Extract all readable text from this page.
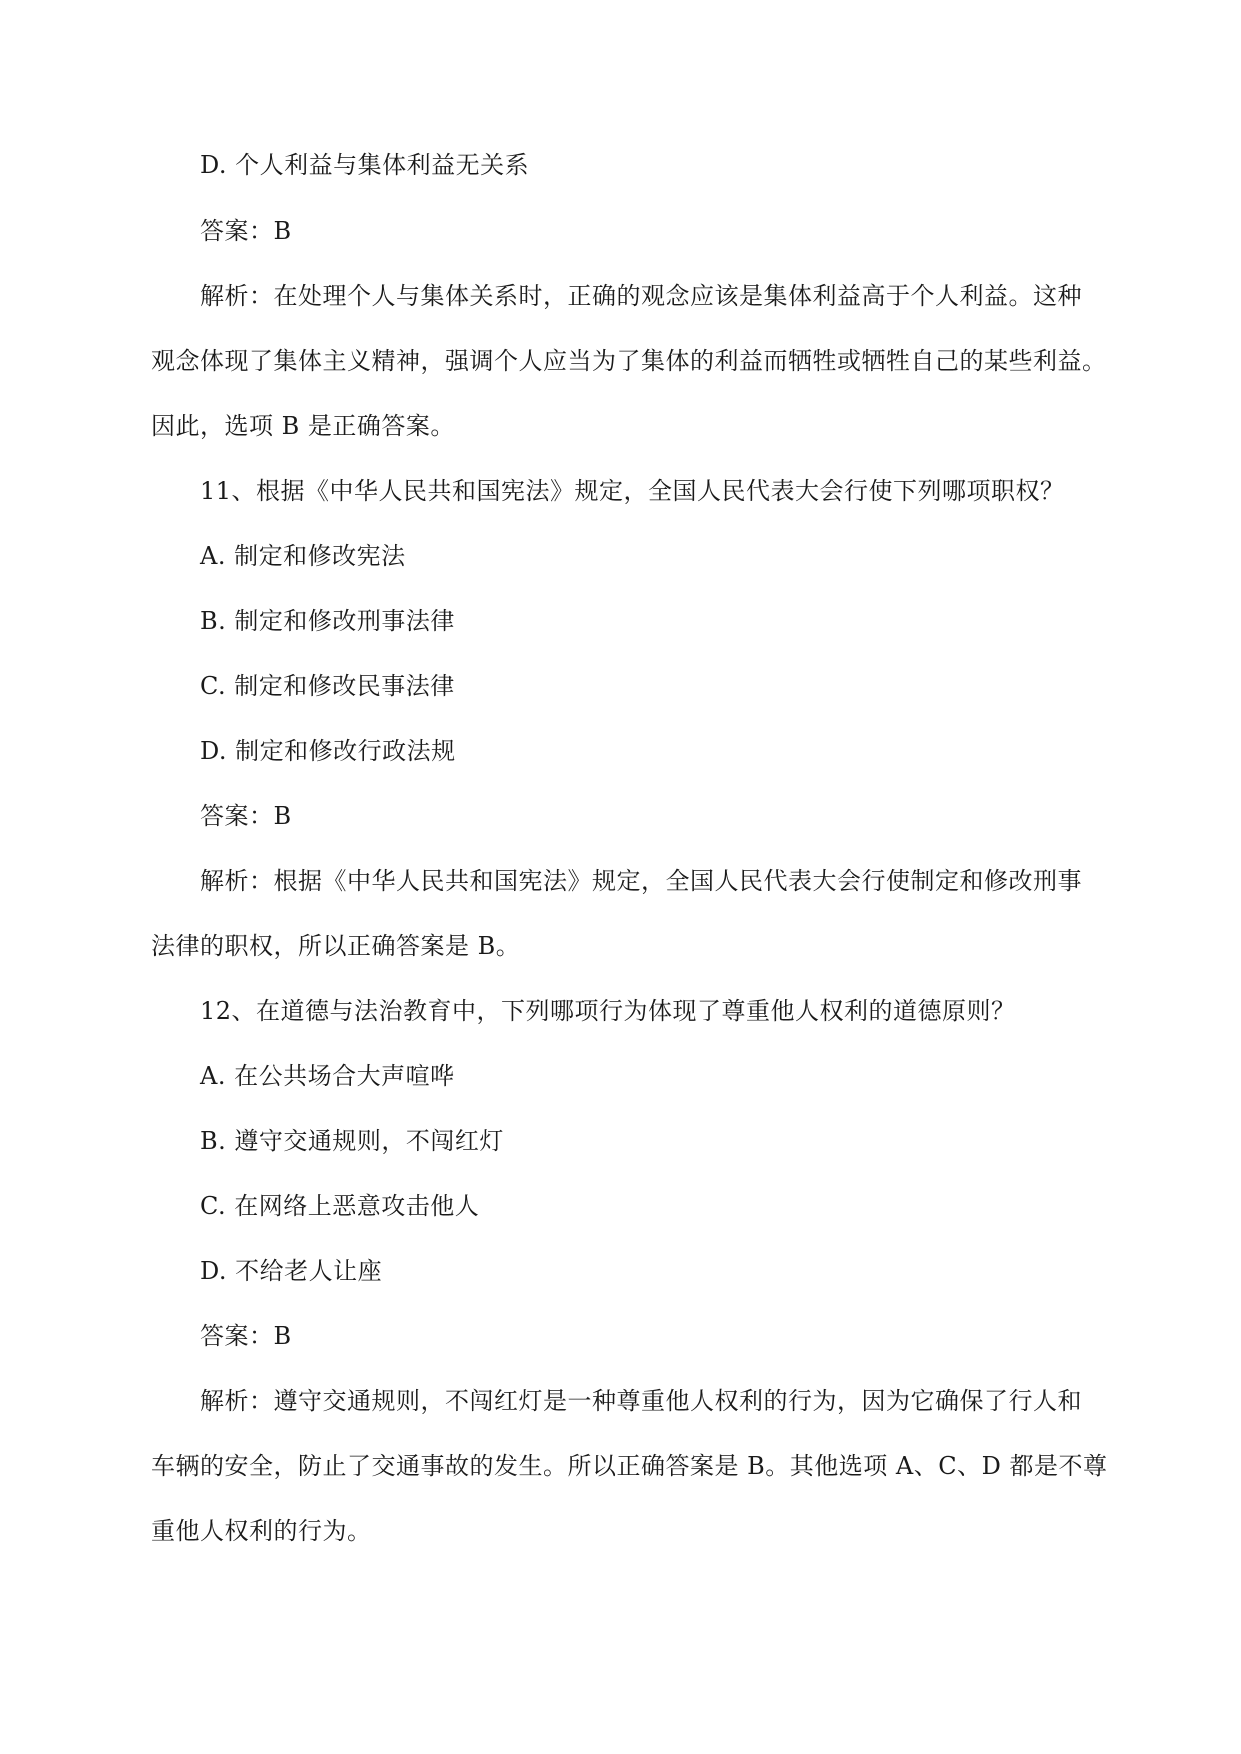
D. 个人利益与集体利益无关系
答案：B
解析：在处理个人与集体关系时，正确的观念应该是集体利益高于个人利益。这种
观念体现了集体主义精神，强调个人应当为了集体的利益而牺牲或牺牲自己的某些利益。
因此，选项 B 是正确答案。
11、根据《中华人民共和国宪法》规定，全国人民代表大会行使下列哪项职权？
A. 制定和修改宪法
B. 制定和修改刑事法律
C. 制定和修改民事法律
D. 制定和修改行政法规
答案：B
解析：根据《中华人民共和国宪法》规定，全国人民代表大会行使制定和修改刑事
法律的职权，所以正确答案是 B。
12、在道德与法治教育中，下列哪项行为体现了尊重他人权利的道德原则？
A. 在公共场合大声喧哗
B. 遵守交通规则，不闯红灯
C. 在网络上恶意攻击他人
D. 不给老人让座
答案：B
解析：遵守交通规则，不闯红灯是一种尊重他人权利的行为，因为它确保了行人和
车辆的安全，防止了交通事故的发生。所以正确答案是 B。其他选项 A、C、D 都是不尊
重他人权利的行为。
